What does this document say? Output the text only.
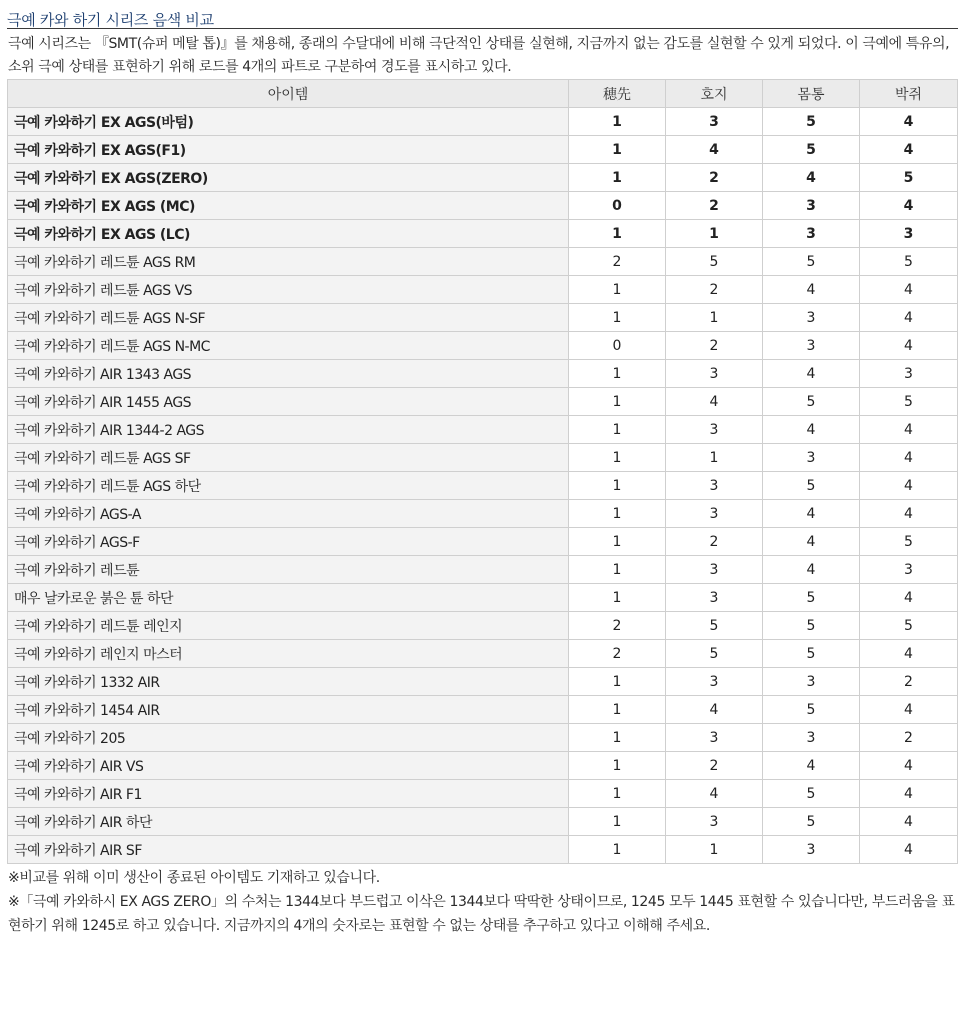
극예 카와 하기 시리즈 음색 비교

극예 시리즈는 『SMT(슈퍼 메탈 톱)』를 채용해, 종래의 수달대에 비해 극단적인 상태를 실현해, 지금까지 없는 감도를 실현할 수 있게 되었다. 이 극예에 특유의, 소위 극예 상태를 표현하기 위해 로드를 4개의 파트로 구분하여 경도를 표시하고 있다.

아이템	穂先	호지	몸통	박쥐
극예 카와하기 EX AGS(바텀)	1	3	5	4
극예 카와하기 EX AGS(F1)	1	4	5	4
극예 카와하기 EX AGS(ZERO)	1	2	4	5
극예 카와하기 EX AGS (MC)	0	2	3	4
극예 카와하기 EX AGS (LC)	1	1	3	3
극예 카와하기 레드튠 AGS RM	2	5	5	5
극예 카와하기 레드튠 AGS VS	1	2	4	4
극예 카와하기 레드튠 AGS N-SF	1	1	3	4
극예 카와하기 레드튠 AGS N-MC	0	2	3	4
극예 카와하기 AIR 1343 AGS	1	3	4	3
극예 카와하기 AIR 1455 AGS	1	4	5	5
극예 카와하기 AIR 1344-2 AGS	1	3	4	4
극예 카와하기 레드튠 AGS SF	1	1	3	4
극예 카와하기 레드튠 AGS 하단	1	3	5	4
극예 카와하기 AGS-A	1	3	4	4
극예 카와하기 AGS-F	1	2	4	5
극예 카와하기 레드튠	1	3	4	3
매우 날카로운 붉은 튠 하단	1	3	5	4
극예 카와하기 레드튠 레인지	2	5	5	5
극예 카와하기 레인지 마스터	2	5	5	4
극예 카와하기 1332 AIR	1	3	3	2
극예 카와하기 1454 AIR	1	4	5	4
극예 카와하기 205	1	3	3	2
극예 카와하기 AIR VS	1	2	4	4
극예 카와하기 AIR F1	1	4	5	4
극예 카와하기 AIR 하단	1	3	5	4
극예 카와하기 AIR SF	1	1	3	4

※비교를 위해 이미 생산이 종료된 아이템도 기재하고 있습니다.

※「극예 카와하시 EX AGS ZERO」의 수처는 1344보다 부드럽고 이삭은 1344보다 딱딱한 상태이므로, 1245 모두 1445 표현할 수 있습니다만, 부드러움을 표현하기 위해 1245로 하고 있습니다. 지금까지의 4개의 숫자로는 표현할 수 없는 상태를 추구하고 있다고 이해해 주세요.
